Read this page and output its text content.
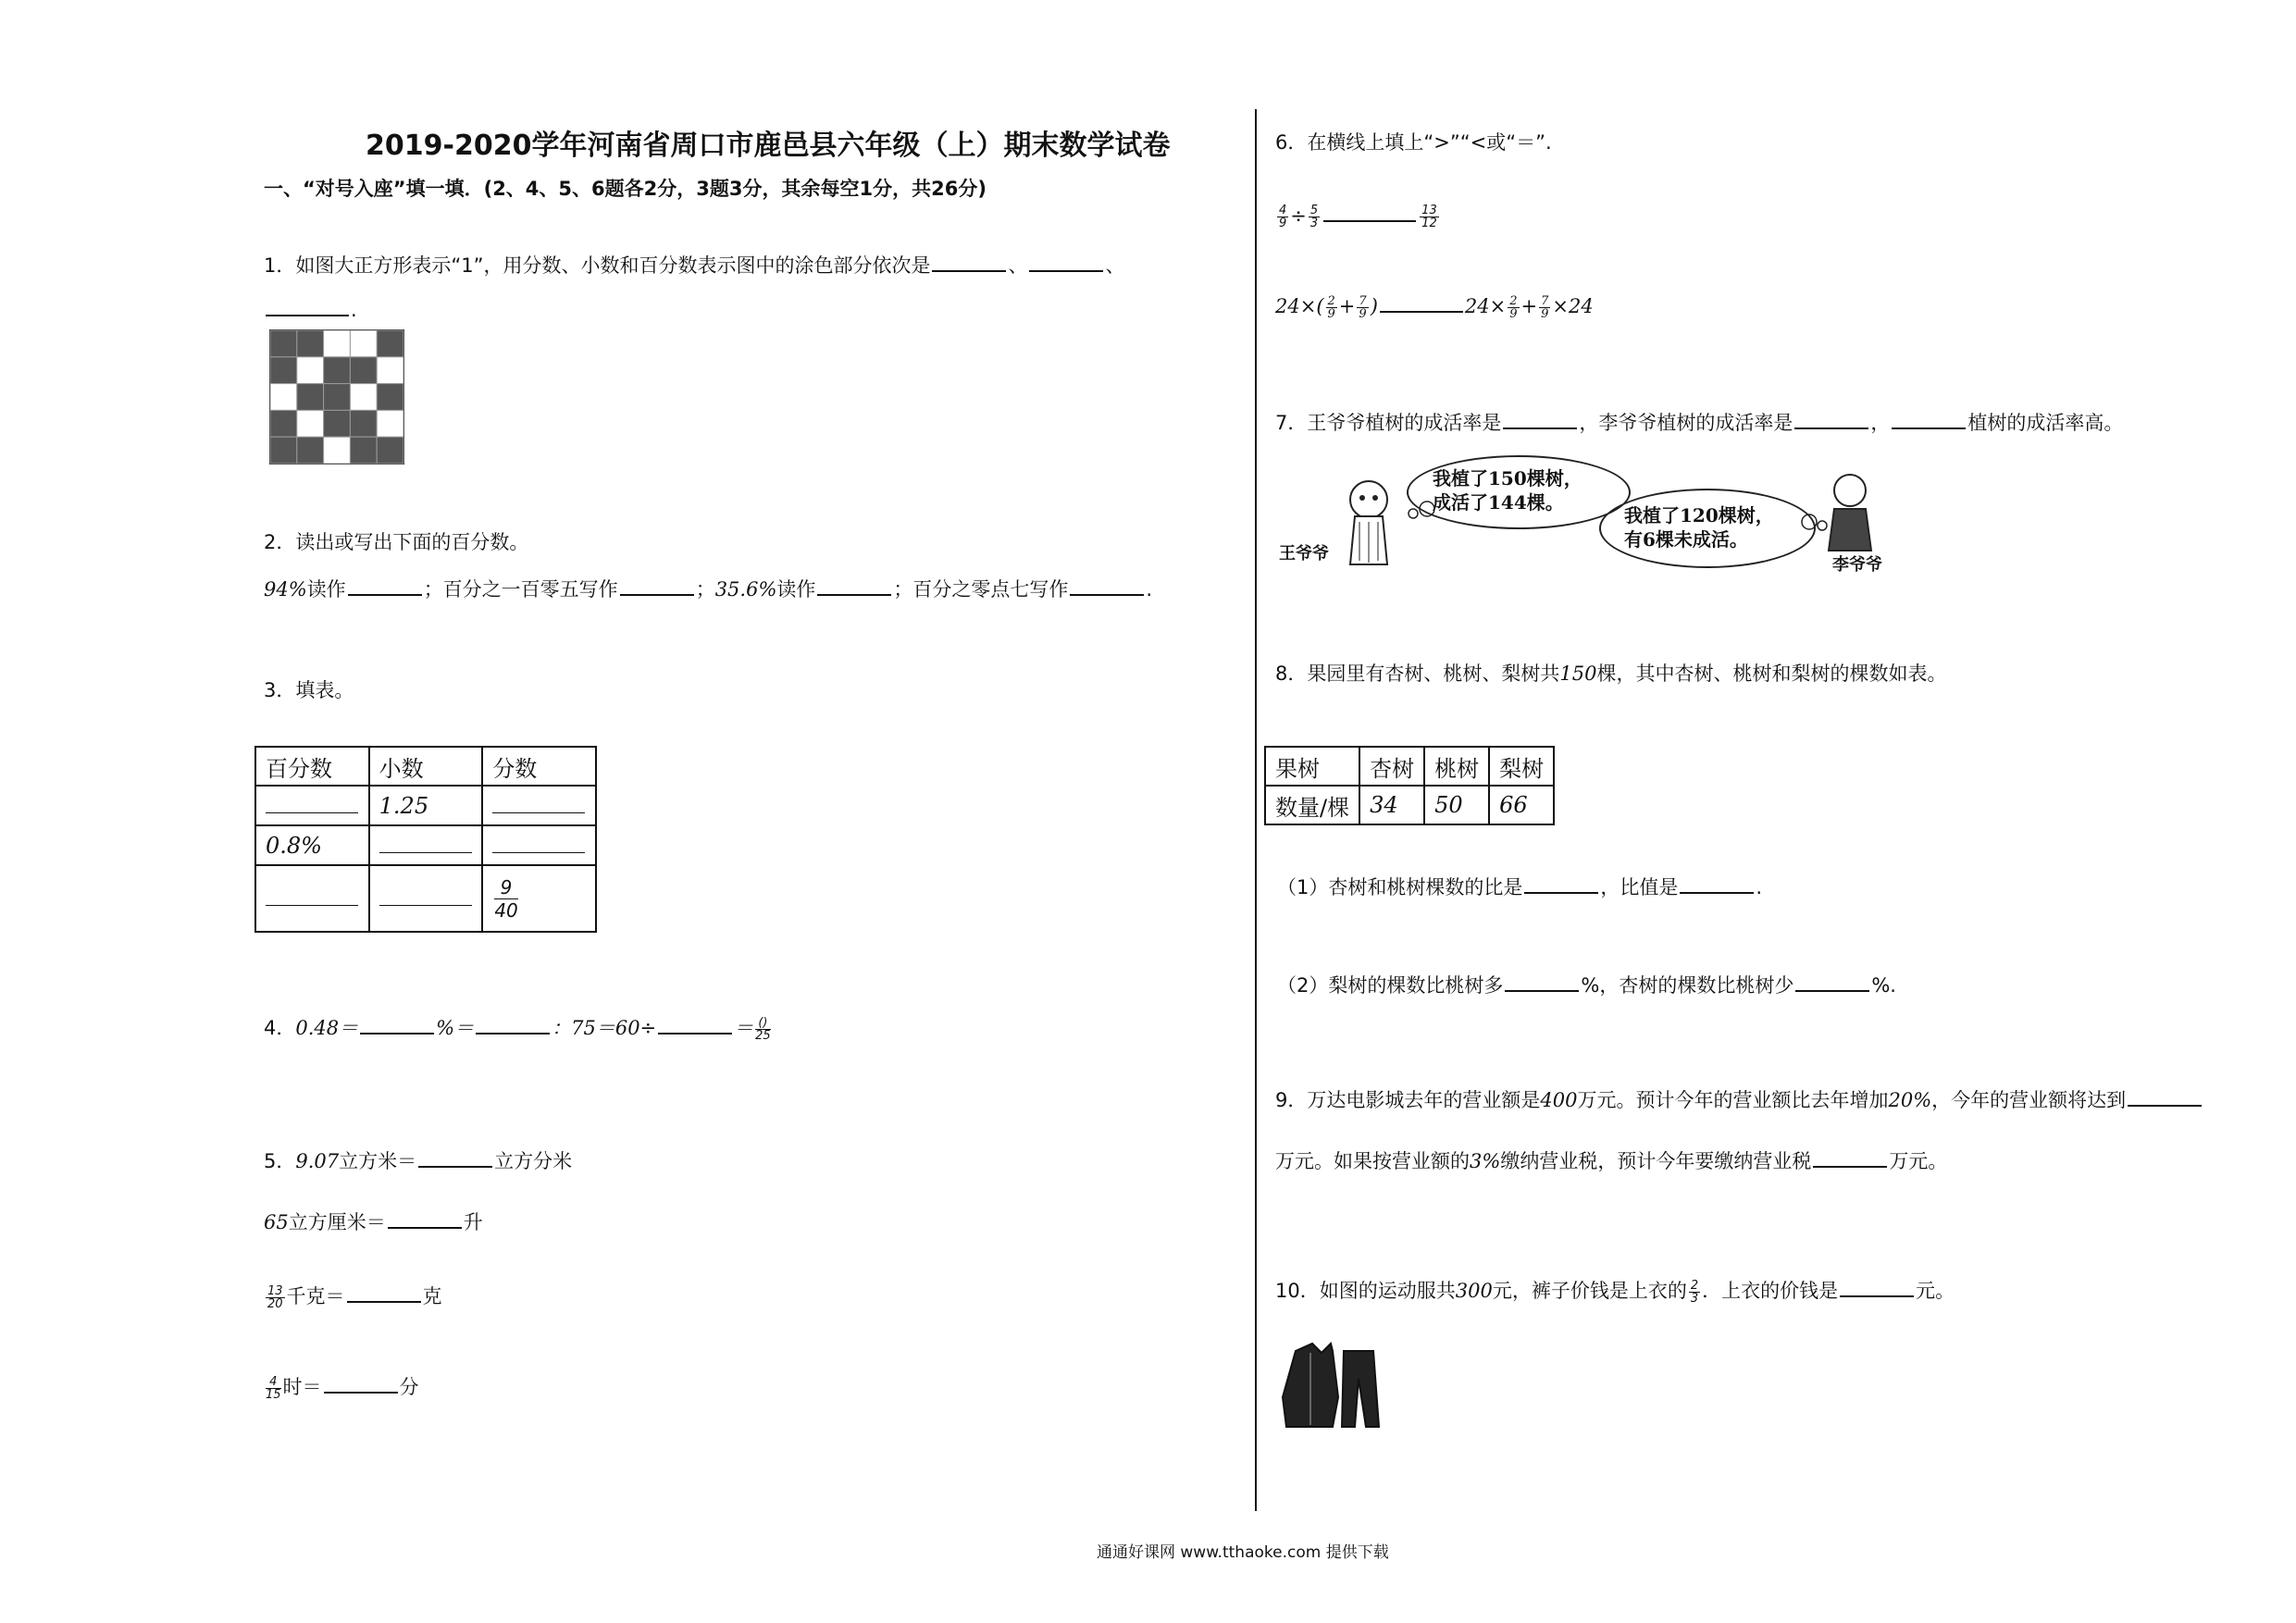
2019-2020学年河南省周口市鹿邑县六年级（上）期末数学试卷
一、“对号入座”填一填．(2、4、5、6题各2分，3题3分，其余每空1分，共26分)
1．如图大正方形表示“1”，用分数、小数和百分数表示图中的涂色部分依次是	、	、
.
2．读出或写出下面的百分数。
94%读作	；百分之一百零五写作	；35.6%读作	；百分之零点七写作	.
3．填表。
百分数	小数	分数
	1.25	
0.8%		

		$\frac{9}{40}$
4．0.48＝	%＝	：75＝60÷	＝ $\frac{()}{25}$
5．9.07立方米＝	立方分米
65立方厘米＝	升
$\frac{13}{20}$ 千克＝	克
$\frac{4}{15}$ 时＝	分
6．在横线上填上“>”“<或“＝”.
$\frac{4}{9} \div \frac{5}{3}$	$\frac{13}{12}$
$24\times( \frac{2}{9} + \frac{7}{9}$ )	$24\times \frac{2}{9} + \frac{7}{9} \times 24$
7．王爷爷植树的成活率是	，李爷爷植树的成活率是	，	植树的成活率高。
我植了150棵树，
成活了144棵。
我植了120棵树，
有6棵未成活。
王爷爷
李爷爷
8．果园里有杏树、桃树、梨树共150棵，其中杏树、桃树和梨树的棵数如表。
果树	杏树	桃树	梨树
数量/棵	34	50	66
（1）杏树和桃树棵数的比是	，比值是	.
（2）梨树的棵数比桃树多	%，杏树的棵数比桃树少	%.
9．万达电影城去年的营业额是400万元。预计今年的营业额比去年增加20%，今年的营业额将达到
万元。如果按营业额的3%缴纳营业税，预计今年要缴纳营业税	万元。
10．如图的运动服共300元，裤子价钱是上衣的 $\frac{2}{3}$ ．上衣的价钱是	元。
通通好课网 www.tthaoke.com 提供下载
